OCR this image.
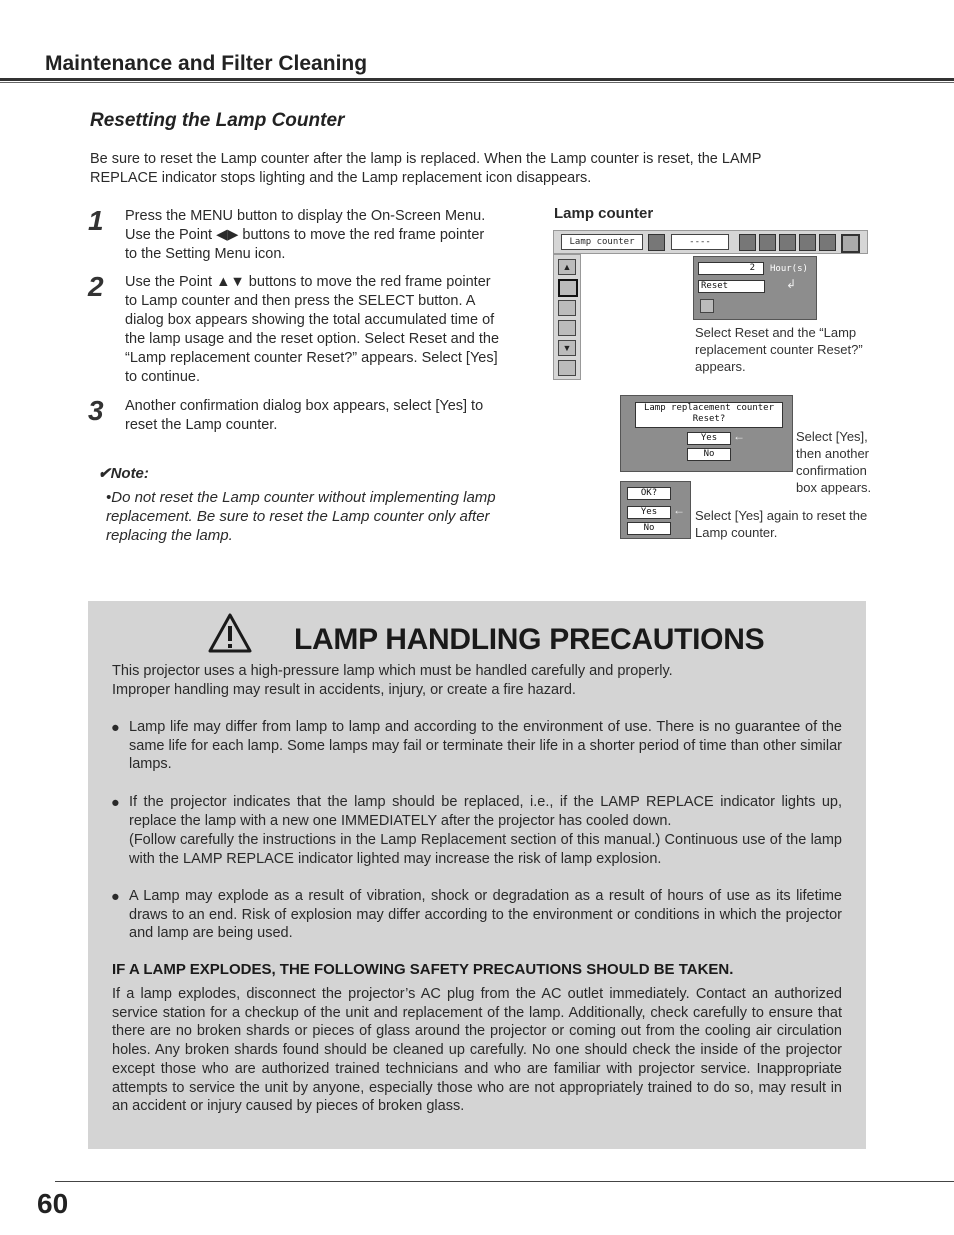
Maintenance and Filter Cleaning
Resetting the Lamp Counter
Be sure to reset the Lamp counter after the lamp is replaced. When the Lamp counter is reset, the LAMP REPLACE indicator stops lighting and the Lamp replacement icon disappears.
1 Press the MENU button to display the On-Screen Menu. Use the Point ◀▶ buttons to move the red frame pointer to the Setting Menu icon.
2 Use the Point ▲▼ buttons to move the red frame pointer to Lamp counter and then press the SELECT button. A dialog box appears showing the total accumulated time of the lamp usage and the reset option. Select Reset and the “Lamp replacement counter Reset?” appears. Select [Yes] to continue.
3 Another confirmation dialog box appears, select [Yes] to reset the Lamp counter.
✔Note:
•Do not reset the Lamp counter without implementing lamp replacement. Be sure to reset the Lamp counter only after replacing the lamp.
Lamp counter
Lamp counter	----
▲
▼
2	Hour(s)
Reset	↲
Select Reset and the “Lamp replacement counter Reset?” appears.
Lamp replacement counter
Reset?
Yes	←
No
Select [Yes], then another confirmation box appears.
OK?
Yes	←
No
Select [Yes] again to reset the Lamp counter.
LAMP HANDLING PRECAUTIONS
This projector uses a high-pressure lamp which must be handled carefully and properly.
Improper handling may result in accidents, injury, or create a fire hazard.
● Lamp life may differ from lamp to lamp and according to the environment of use. There is no guarantee of the same life for each lamp. Some lamps may fail or terminate their life in a shorter period of time than other similar lamps.
● If the projector indicates that the lamp should be replaced, i.e., if the LAMP REPLACE indicator lights up, replace the lamp with a new one IMMEDIATELY after the projector has cooled down.
(Follow carefully the instructions in the Lamp Replacement section of this manual.) Continuous use of the lamp with the LAMP REPLACE indicator lighted may increase the risk of lamp explosion.
● A Lamp may explode as a result of vibration, shock or degradation as a result of hours of use as its lifetime draws to an end. Risk of explosion may differ according to the environment or conditions in which the projector and lamp are being used.
IF A LAMP EXPLODES, THE FOLLOWING SAFETY PRECAUTIONS SHOULD BE TAKEN.
If a lamp explodes, disconnect the projector’s AC plug from the AC outlet immediately. Contact an authorized service station for a checkup of the unit and replacement of the lamp. Additionally, check carefully to ensure that there are no broken shards or pieces of glass around the projector or coming out from the cooling air circulation holes. Any broken shards found should be cleaned up carefully. No one should check the inside of the projector except those who are authorized trained technicians and who are familiar with projector service. Inappropriate attempts to service the unit by anyone, especially those who are not appropriately trained to do so, may result in an accident or injury caused by pieces of broken glass.
60
